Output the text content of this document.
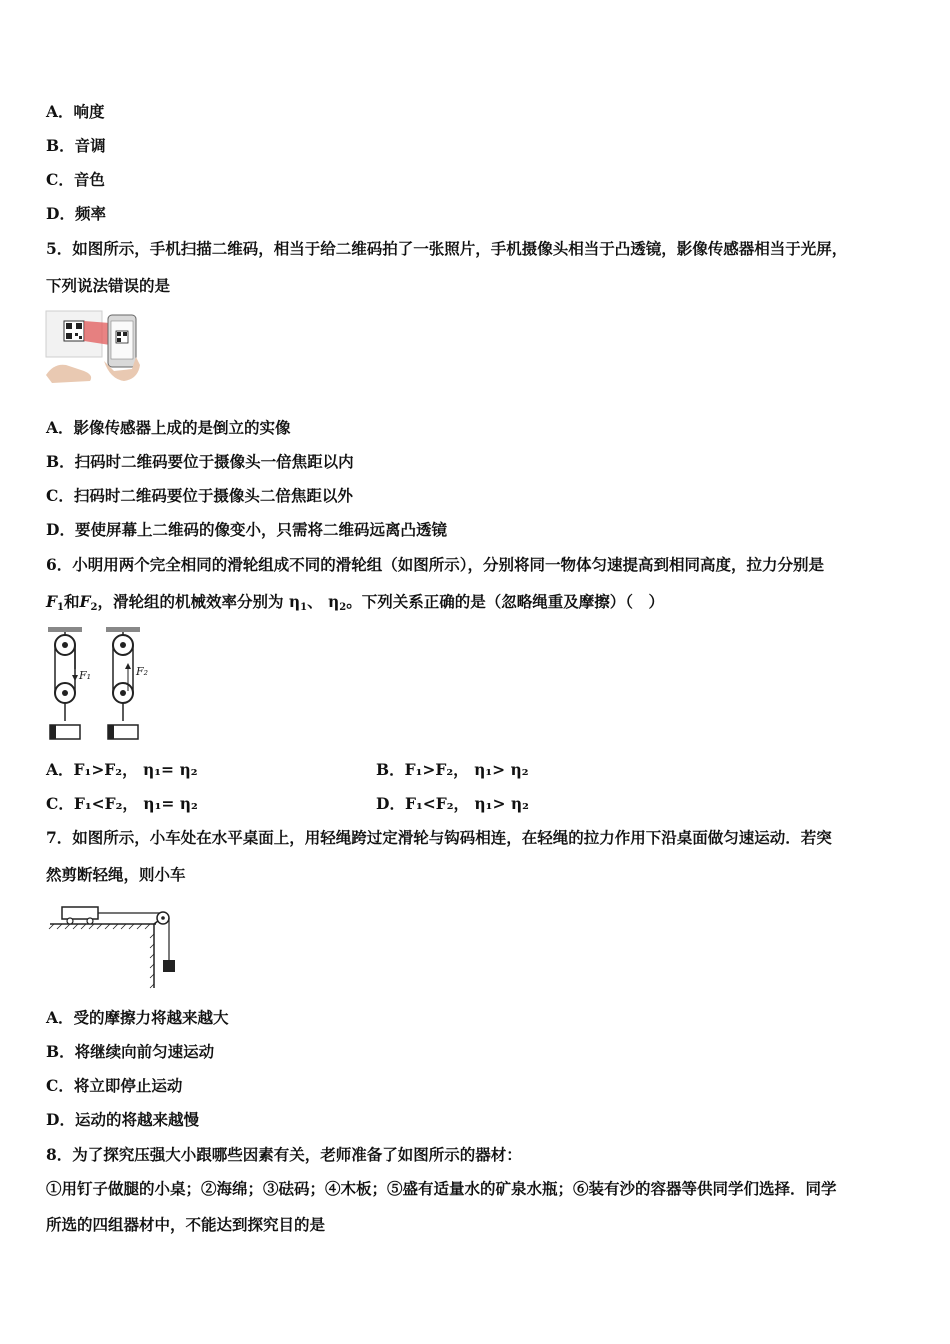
A．响度
B．音调
C．音色
D．频率
5．如图所示，手机扫描二维码，相当于给二维码拍了一张照片，手机摄像头相当于凸透镜，影像传感器相当于光屏，
下列说法错误的是
A．影像传感器上成的是倒立的实像
B．扫码时二维码要位于摄像头一倍焦距以内
C．扫码时二维码要位于摄像头二倍焦距以外
D．要使屏幕上二维码的像变小，只需将二维码远离凸透镜
6．小明用两个完全相同的滑轮组成不同的滑轮组（如图所示），分别将同一物体匀速提高到相同高度，拉力分别是
$F_1$和$F_2$，滑轮组的机械效率分别为 $\eta_1$、 $\eta_2$。下列关系正确的是（忽略绳重及摩擦）（　）
F₁	F₂
A．F₁>F₂， η₁= η₂	B．F₁>F₂， η₁> η₂
C．F₁<F₂， η₁= η₂	D．F₁<F₂， η₁> η₂
7．如图所示，小车处在水平桌面上，用轻绳跨过定滑轮与钩码相连，在轻绳的拉力作用下沿桌面做匀速运动．若突
然剪断轻绳，则小车
A．受的摩擦力将越来越大
B．将继续向前匀速运动
C．将立即停止运动
D．运动的将越来越慢
8．为了探究压强大小跟哪些因素有关，老师准备了如图所示的器材：
①用钉子做腿的小桌；②海绵；③砝码；④木板；⑤盛有适量水的矿泉水瓶；⑥装有沙的容器等供同学们选择．同学
所选的四组器材中，不能达到探究目的是
